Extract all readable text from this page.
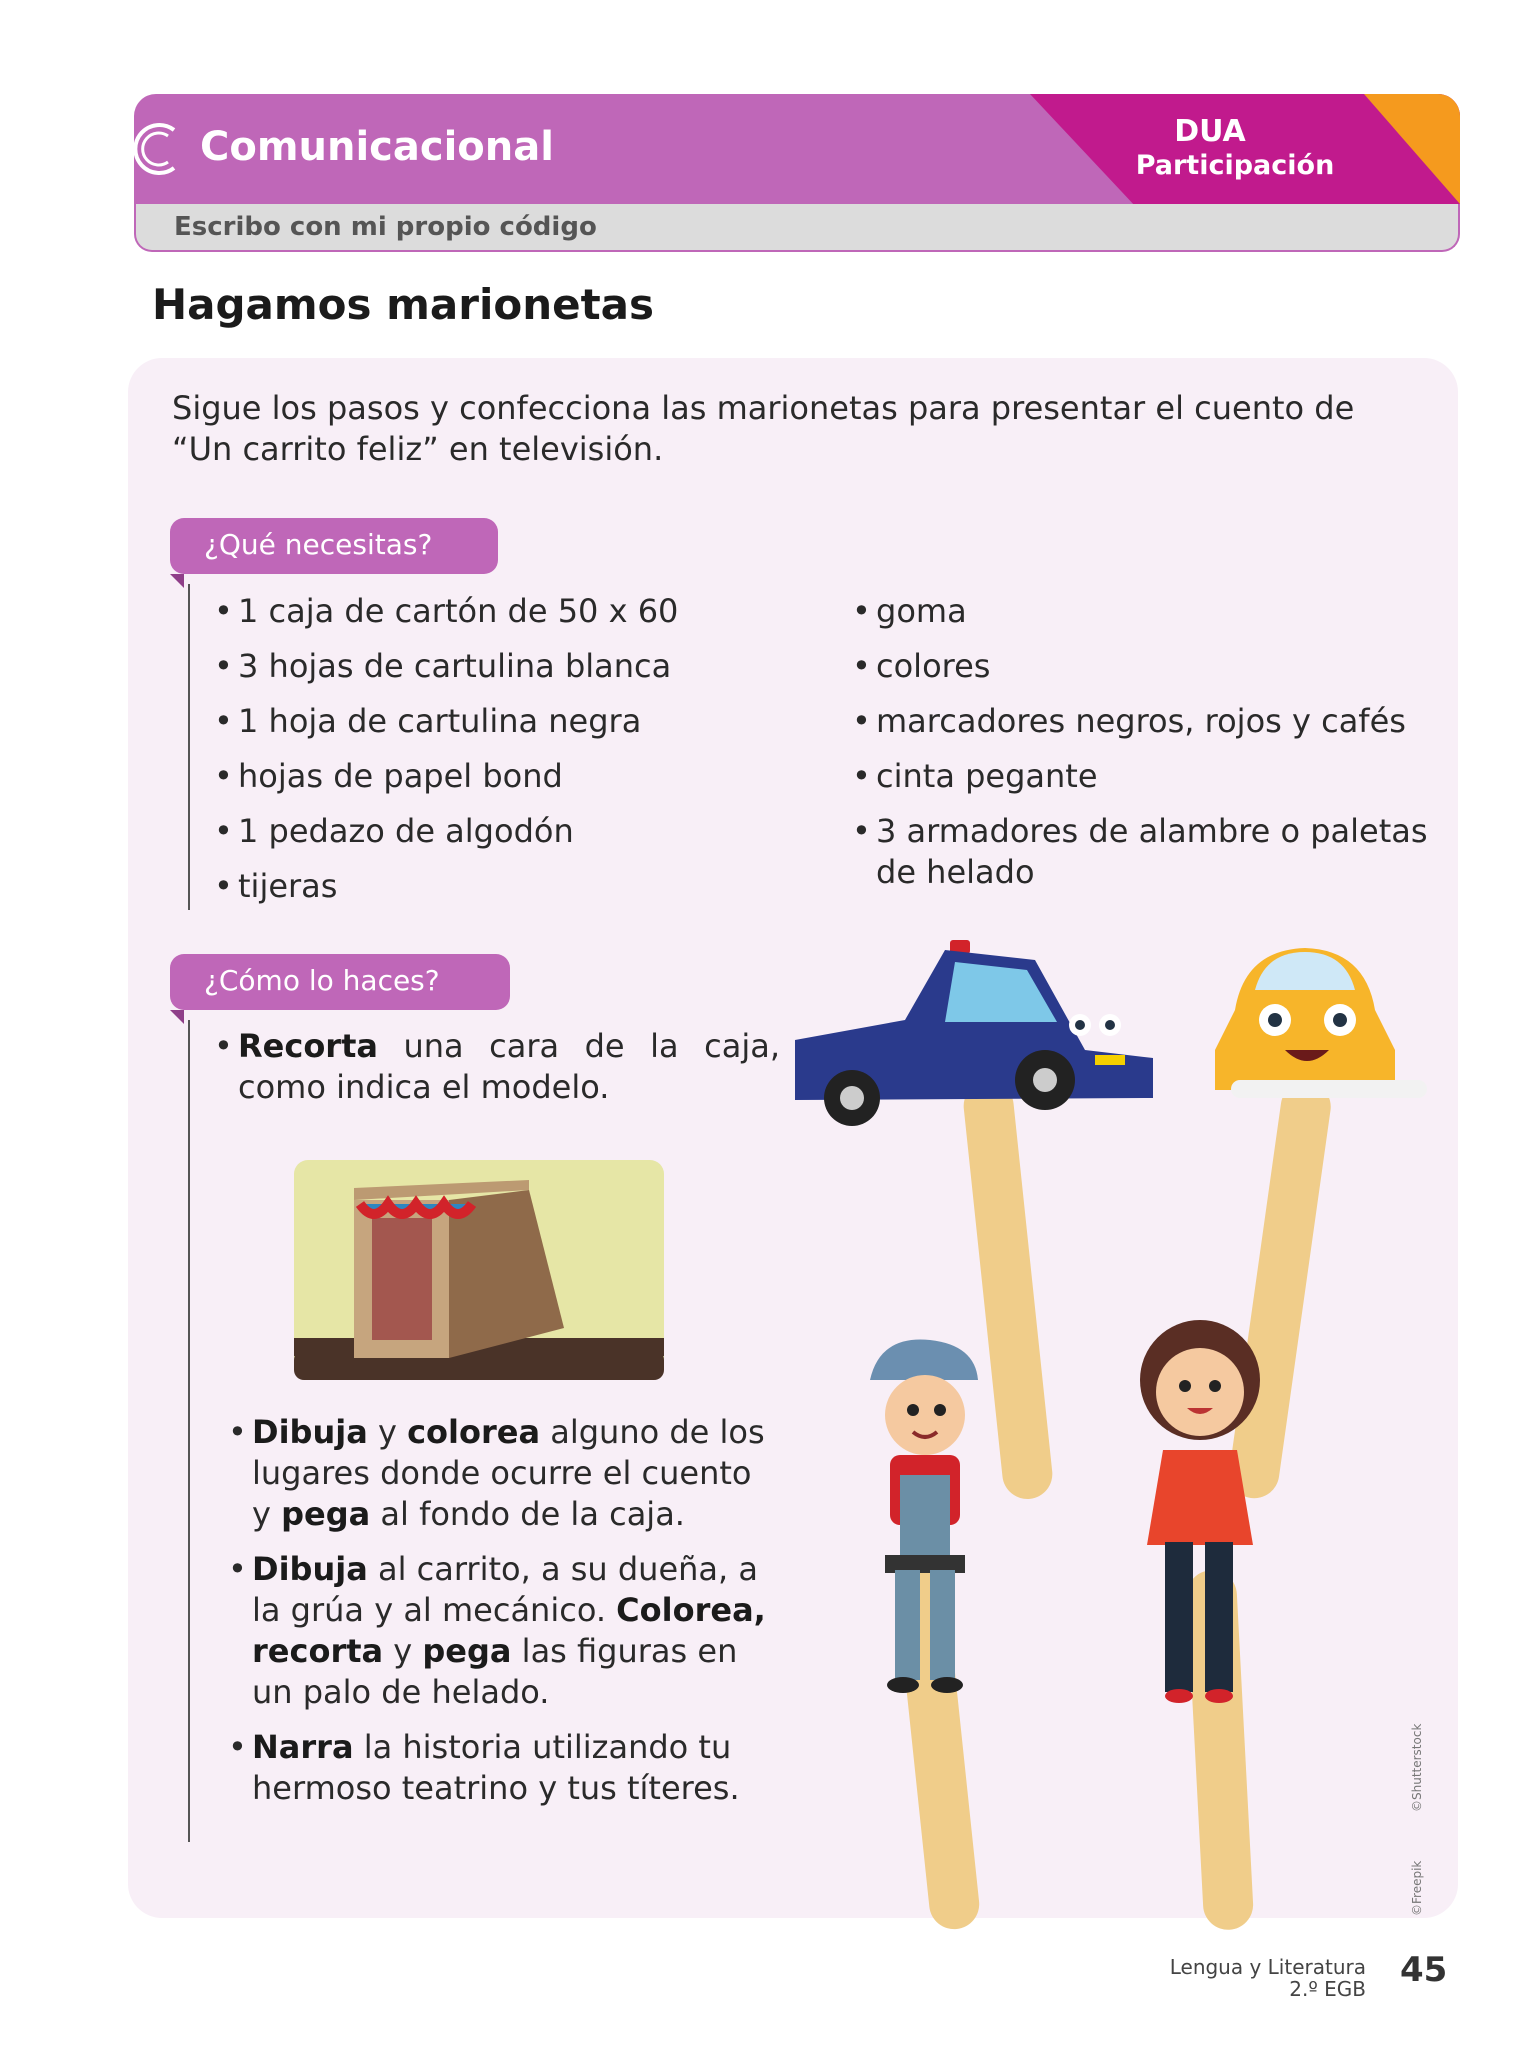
Comunicacional	DUA
Participación
Escribo con mi propio código
Hagamos marionetas
Sigue los pasos y confecciona las marionetas para presentar el cuento de “Un carrito feliz” en televisión.
¿Qué necesitas?
• 1 caja de cartón de 50 x 60
• 3 hojas de cartulina blanca
• 1 hoja de cartulina negra
• hojas de papel bond
• 1 pedazo de algodón
• tijeras
• goma
• colores
• marcadores negros, rojos y cafés
• cinta pegante
• 3 armadores de alambre o paletas de helado
¿Cómo lo haces?
• Recorta una cara de la caja, como indica el modelo.
• Dibuja y colorea alguno de los lugares donde ocurre el cuento y pega al fondo de la caja.
• Dibuja al carrito, a su dueña, a la grúa y al mecánico. Colorea, recorta y pega las figuras en un palo de helado.
• Narra la historia utilizando tu hermoso teatrino y tus títeres.	©Shutterstock
©Freepik
Lengua y Literatura
2.º EGB 45
